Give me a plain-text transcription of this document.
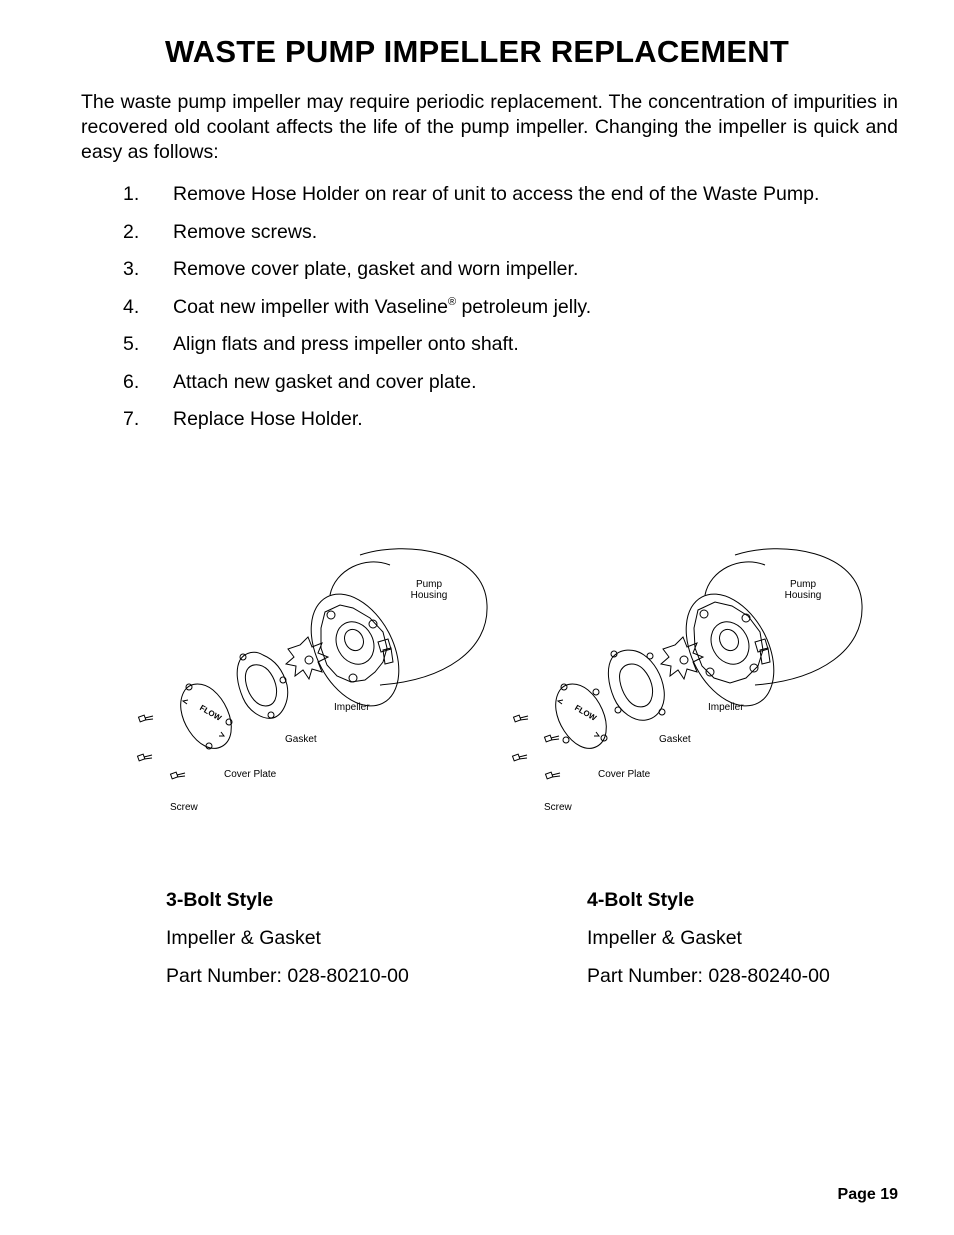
WASTE PUMP IMPELLER REPLACEMENT

The waste pump impeller may require periodic replacement. The concentration of impurities in recovered old coolant affects the life of the pump impeller. Changing the impeller is quick and easy as follows:

1.	Remove Hose Holder on rear of unit to access the end of the Waste Pump.
2.	Remove screws.
3.	Remove cover plate, gasket and worn impeller.
4.	Coat new impeller with Vaseline® petroleum jelly.
5.	Align flats and press impeller onto shaft.
6.	Attach new gasket and cover plate.
7.	Replace Hose Holder.
FLOW
Pump
Housing
Impeller
Gasket
Cover Plate
Screw
FLOW
Pump
Housing
Impeller
Gasket
Cover Plate
Screw
3-Bolt Style
Impeller & Gasket
Part Number: 028-80210-00
4-Bolt Style
Impeller & Gasket
Part Number: 028-80240-00
Page 19
